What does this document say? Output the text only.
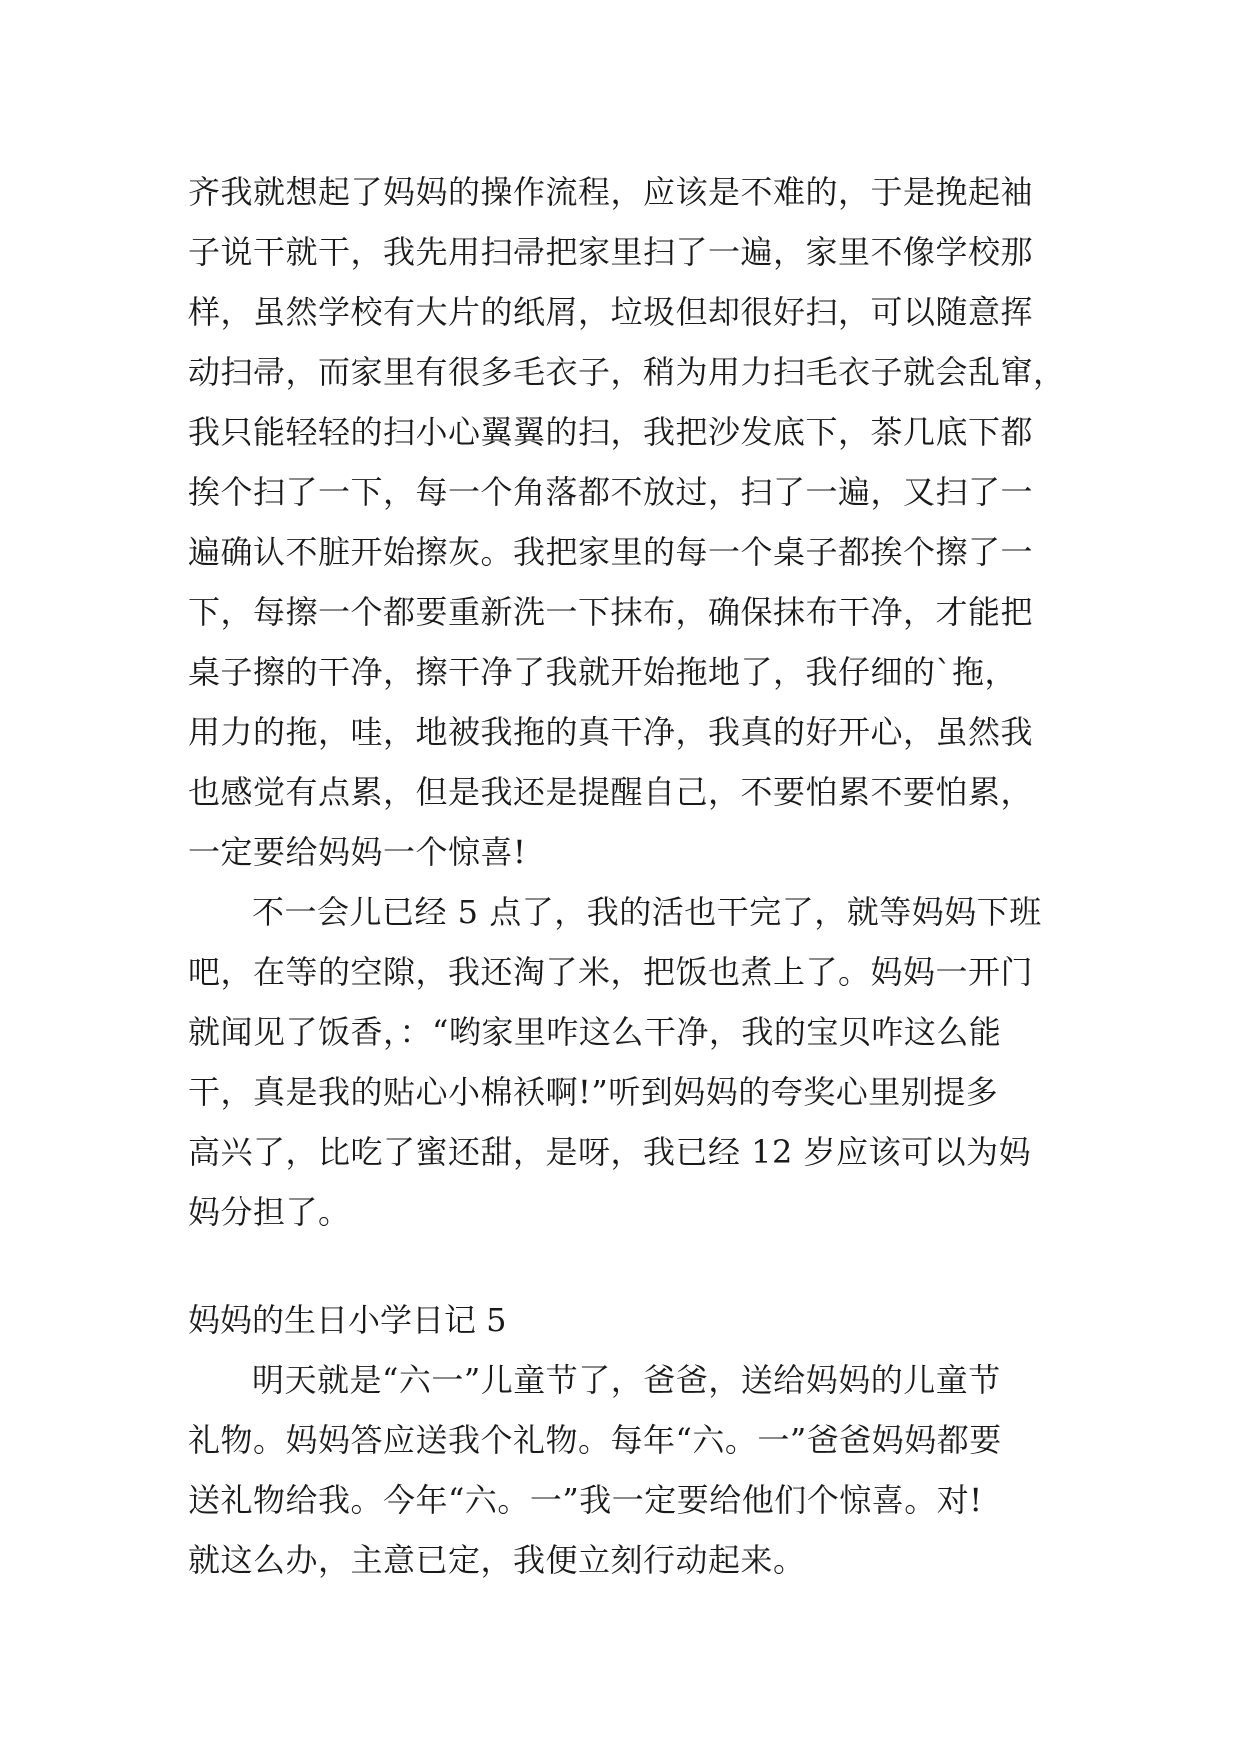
齐我就想起了妈妈的操作流程，应该是不难的，于是挽起袖
子说干就干，我先用扫帚把家里扫了一遍，家里不像学校那
样，虽然学校有大片的纸屑，垃圾但却很好扫，可以随意挥
动扫帚，而家里有很多毛衣子，稍为用力扫毛衣子就会乱窜，
我只能轻轻的扫小心翼翼的扫，我把沙发底下，茶几底下都
挨个扫了一下，每一个角落都不放过，扫了一遍，又扫了一
遍确认不脏开始擦灰。我把家里的每一个桌子都挨个擦了一
下，每擦一个都要重新洗一下抹布，确保抹布干净，才能把
桌子擦的干净，擦干净了我就开始拖地了，我仔细的`拖，
用力的拖，哇，地被我拖的真干净，我真的好开心，虽然我
也感觉有点累，但是我还是提醒自己，不要怕累不要怕累，
一定要给妈妈一个惊喜!
不一会儿已经 5 点了，我的活也干完了，就等妈妈下班
吧，在等的空隙，我还淘了米，把饭也煮上了。妈妈一开门
就闻见了饭香，：“哟家里咋这么干净，我的宝贝咋这么能
干，真是我的贴心小棉袄啊!”听到妈妈的夸奖心里别提多
高兴了，比吃了蜜还甜，是呀，我已经 12 岁应该可以为妈
妈分担了。
妈妈的生日小学日记 5
明天就是“六一”儿童节了，爸爸，送给妈妈的儿童节
礼物。妈妈答应送我个礼物。每年“六。一”爸爸妈妈都要
送礼物给我。今年“六。一”我一定要给他们个惊喜。对!
就这么办，主意已定，我便立刻行动起来。
